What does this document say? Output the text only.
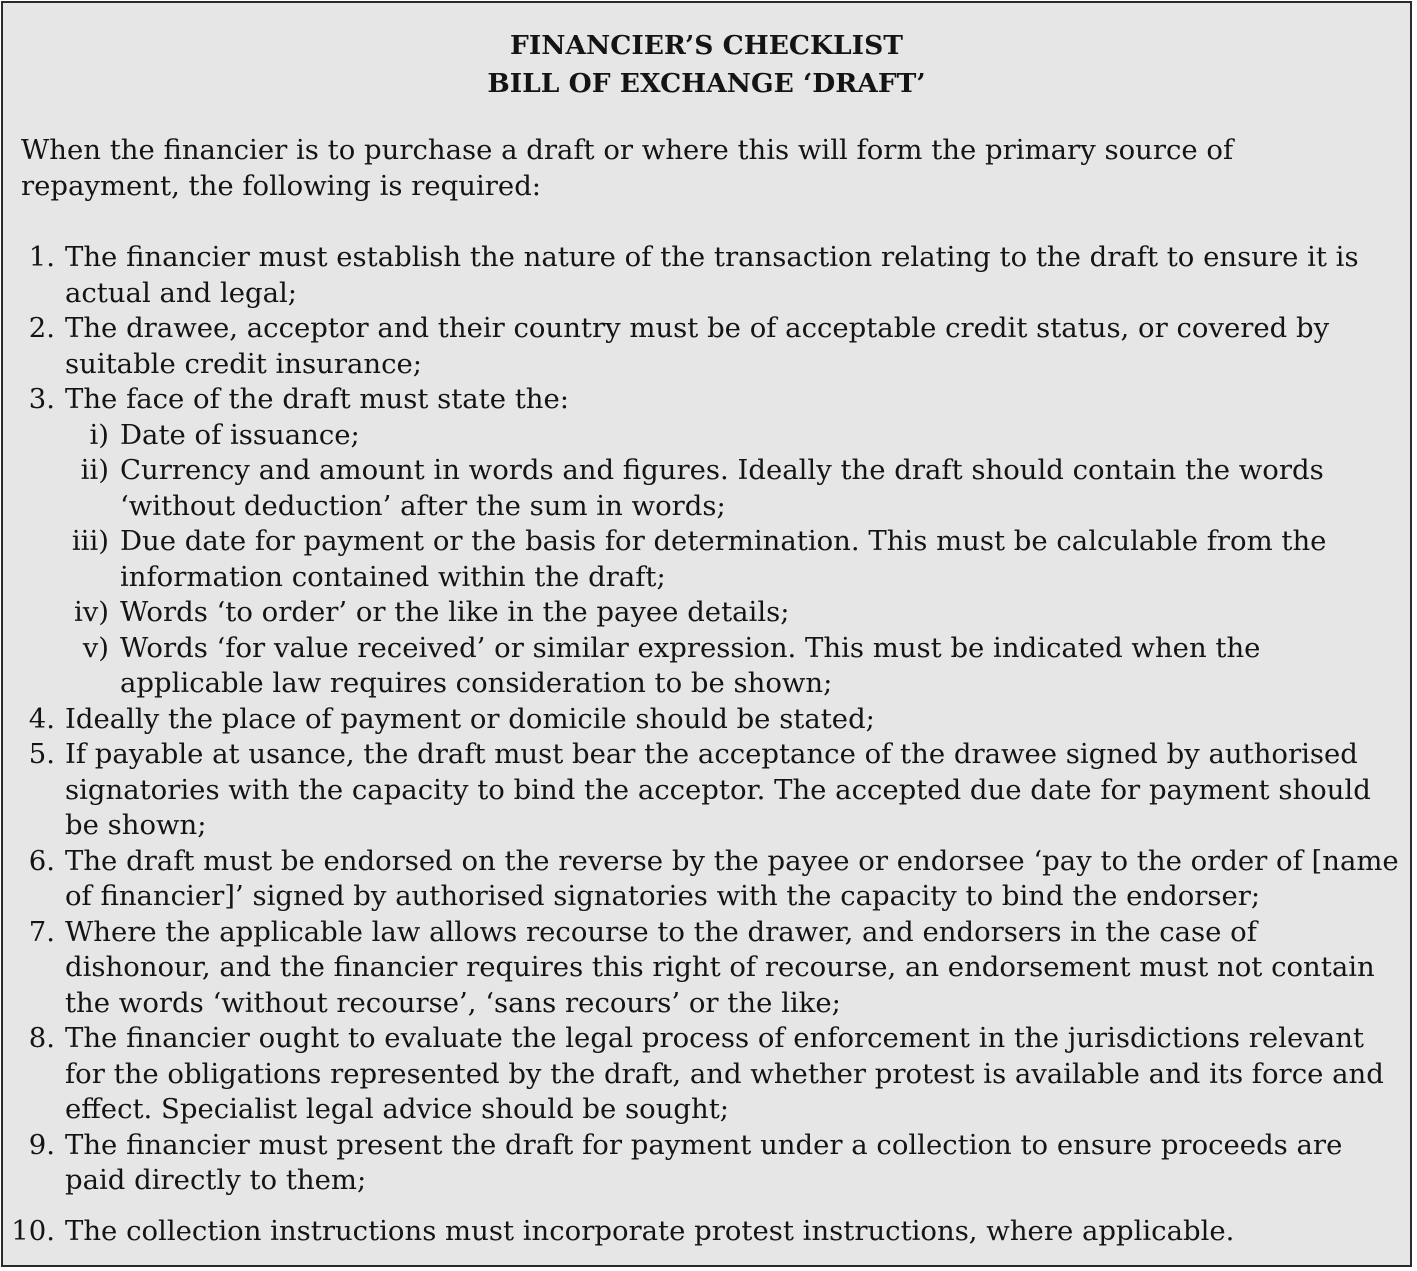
FINANCIER’S CHECKLIST
BILL OF EXCHANGE ‘DRAFT’
When the financier is to purchase a draft or where this will form the primary source of repayment, the following is required:
1. The financier must establish the nature of the transaction relating to the draft to ensure it is actual and legal;
2. The drawee, acceptor and their country must be of acceptable credit status, or covered by suitable credit insurance;
3. The face of the draft must state the:
i) Date of issuance;
ii) Currency and amount in words and figures. Ideally the draft should contain the words ‘without deduction’ after the sum in words;
iii) Due date for payment or the basis for determination. This must be calculable from the information contained within the draft;
iv) Words ‘to order’ or the like in the payee details;
v) Words ‘for value received’ or similar expression. This must be indicated when the applicable law requires consideration to be shown;
4. Ideally the place of payment or domicile should be stated;
5. If payable at usance, the draft must bear the acceptance of the drawee signed by authorised signatories with the capacity to bind the acceptor. The accepted due date for payment should be shown;
6. The draft must be endorsed on the reverse by the payee or endorsee ‘pay to the order of [name of financier]’ signed by authorised signatories with the capacity to bind the endorser;
7. Where the applicable law allows recourse to the drawer, and endorsers in the case of dishonour, and the financier requires this right of recourse, an endorsement must not contain the words ‘without recourse’, ‘sans recours’ or the like;
8. The financier ought to evaluate the legal process of enforcement in the jurisdictions relevant for the obligations represented by the draft, and whether protest is available and its force and effect. Specialist legal advice should be sought;
9. The financier must present the draft for payment under a collection to ensure proceeds are paid directly to them;
10. The collection instructions must incorporate protest instructions, where applicable.
